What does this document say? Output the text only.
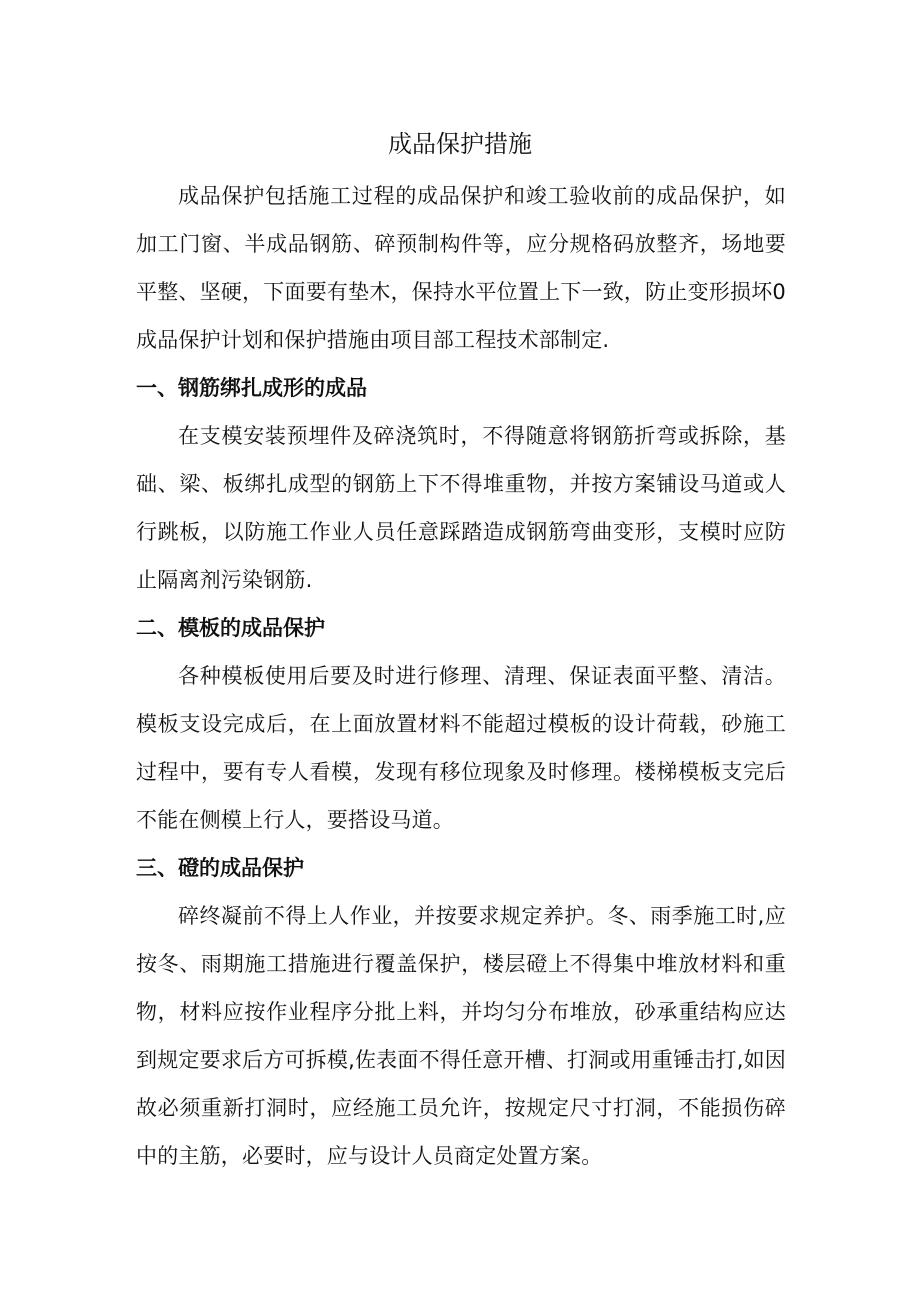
成品保护措施

成品保护包括施工过程的成品保护和竣工验收前的成品保护，如加工门窗、半成品钢筋、碎预制构件等，应分规格码放整齐，场地要平整、坚硬，下面要有垫木，保持水平位置上下一致，防止变形损坏0成品保护计划和保护措施由项目部工程技术部制定.

一、钢筋绑扎成形的成品

在支模安装预埋件及碎浇筑时，不得随意将钢筋折弯或拆除，基础、梁、板绑扎成型的钢筋上下不得堆重物，并按方案铺设马道或人行跳板，以防施工作业人员任意踩踏造成钢筋弯曲变形，支模时应防止隔离剂污染钢筋.

二、模板的成品保护

各种模板使用后要及时进行修理、清理、保证表面平整、清洁。模板支设完成后，在上面放置材料不能超过模板的设计荷载，砂施工过程中，要有专人看模，发现有移位现象及时修理。楼梯模板支完后不能在侧模上行人，要搭设马道。

三、磴的成品保护

碎终凝前不得上人作业，并按要求规定养护。冬、雨季施工时,应按冬、雨期施工措施进行覆盖保护，楼层磴上不得集中堆放材料和重物，材料应按作业程序分批上料，并均匀分布堆放，砂承重结构应达到规定要求后方可拆模,佐表面不得任意开槽、打洞或用重锤击打,如因故必须重新打洞时，应经施工员允许，按规定尺寸打洞，不能损伤碎中的主筋，必要时，应与设计人员商定处置方案。
